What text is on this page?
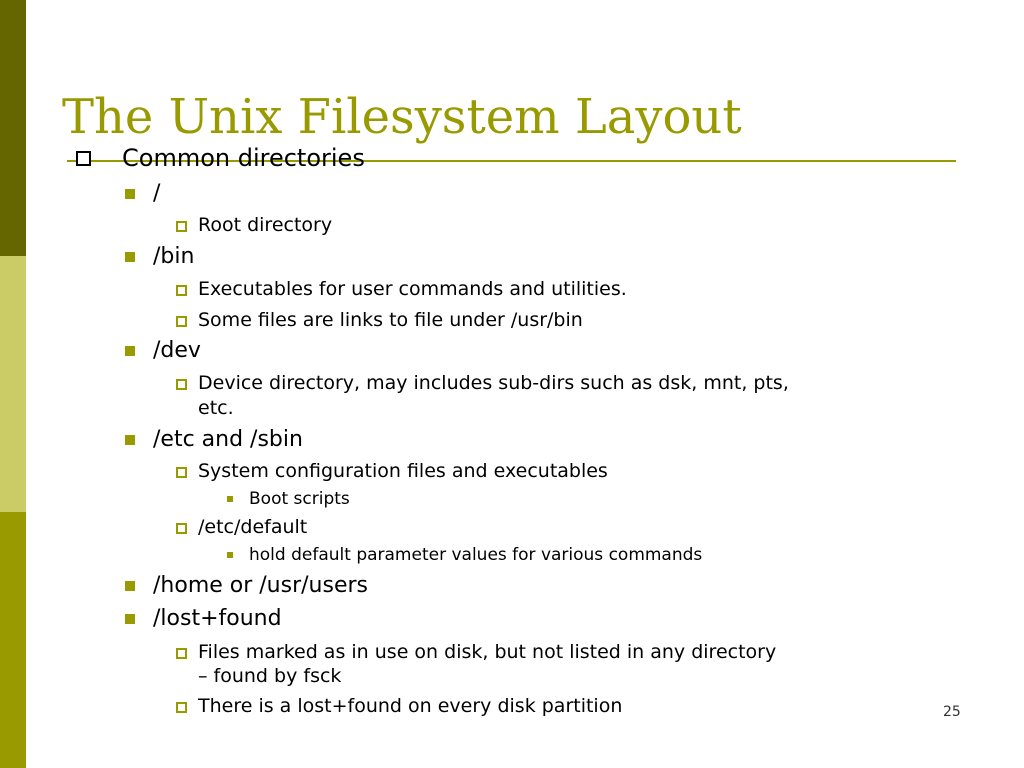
The Unix Filesystem Layout
Common directories
/
Root directory
/bin
Executables for user commands and utilities.
Some files are links to file under /usr/bin
/dev
Device directory, may includes sub-dirs such as dsk, mnt, pts,
etc.
/etc and /sbin
System configuration files and executables
Boot scripts
/etc/default
hold default parameter values for various commands
/home or /usr/users
/lost+found
Files marked as in use on disk, but not listed in any directory
– found by fsck
There is a lost+found on every disk partition	25
